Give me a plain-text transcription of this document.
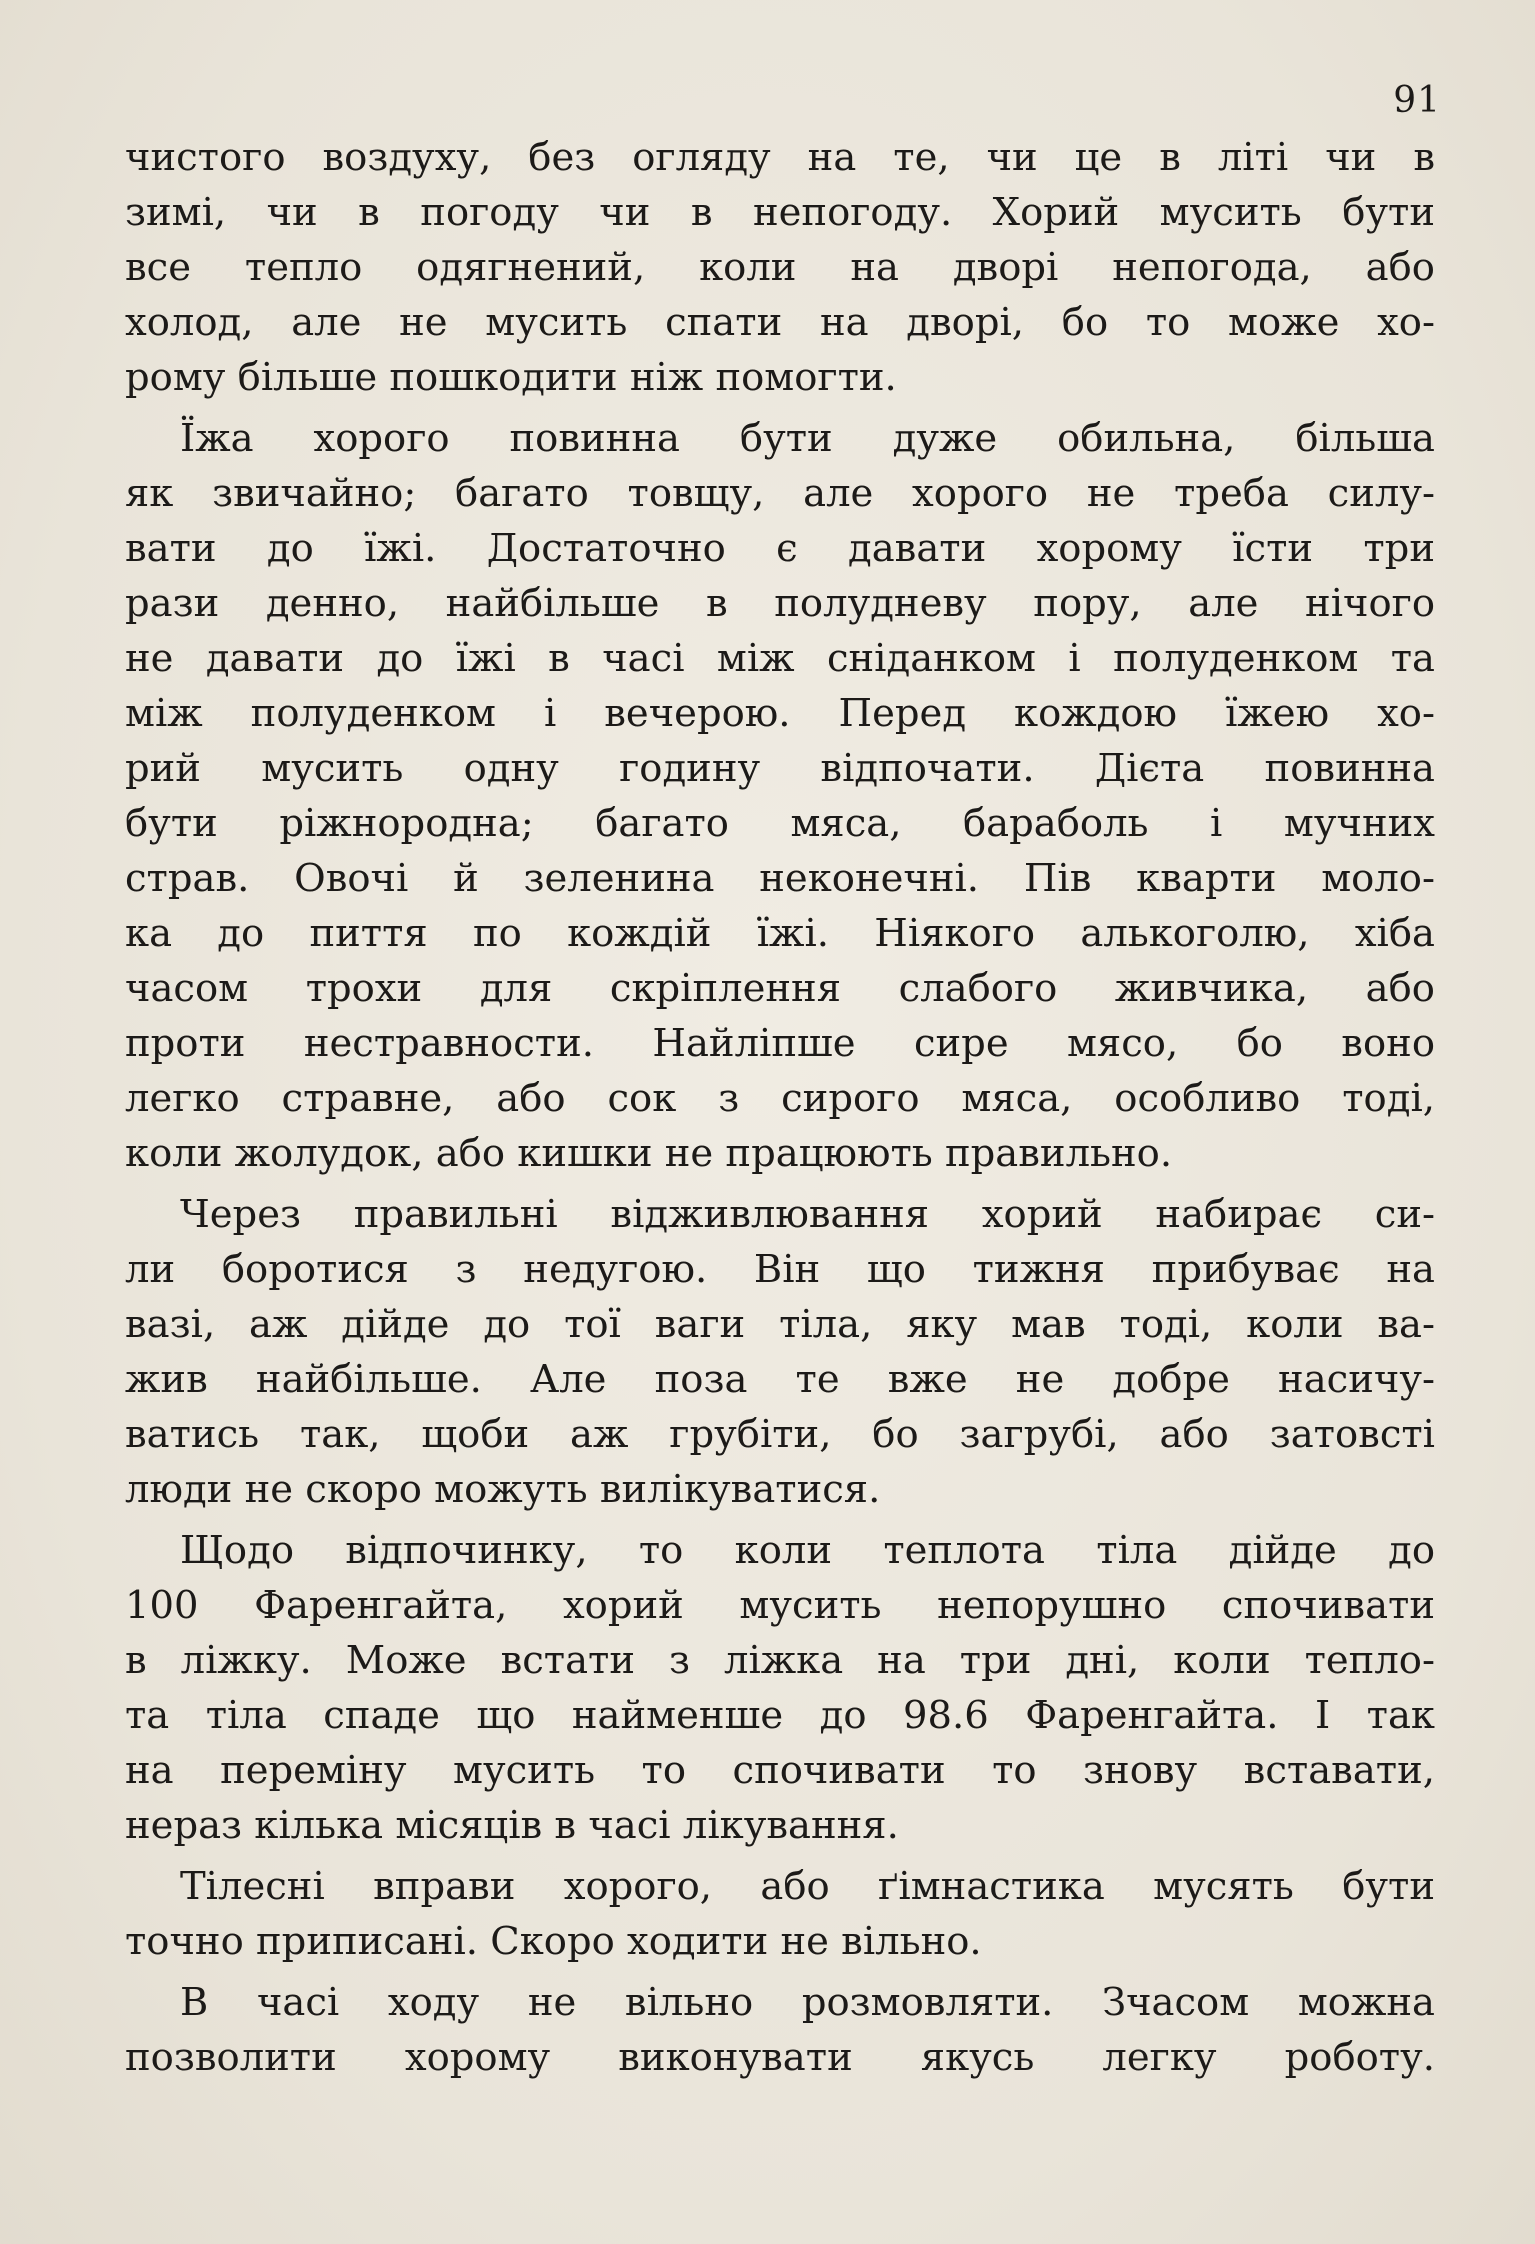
91

чистого воздуху, без огляду на те, чи це в літі чи в
зимі, чи в погоду чи в непогоду. Хорий мусить бути
все тепло одягнений, коли на дворі непогода, або
холод, але не мусить спати на дворі, бо то може хо-
рому більше пошкодити ніж помогти.

Їжа хорого повинна бути дуже обильна, більша
як звичайно; багато товщу, але хорого не треба силу-
вати до їжі. Достаточно є давати хорому їсти три
рази денно, найбільше в полудневу пору, але нічого
не давати до їжі в часі між сніданком і полуденком та
між полуденком і вечерою. Перед кождою їжею хо-
рий мусить одну годину відпочати. Дієта повинна
бути ріжнородна; багато мяса, бараболь і мучних
страв. Овочі й зеленина неконечні. Пів кварти моло-
ка до пиття по кождій їжі. Ніякого алькоголю, хіба
часом трохи для скріплення слабого живчика, або
проти нестравности. Найліпше сире мясо, бо воно
легко стравне, або сок з сирого мяса, особливо тоді,
коли жолудок, або кишки не працюють правильно.

Через правильні відживлювання хорий набирає си-
ли боротися з недугою. Він що тижня прибуває на
вазі, аж дійде до тої ваги тіла, яку мав тоді, коли ва-
жив найбільше. Але поза те вже не добре насичу-
ватись так, щоби аж грубіти, бо загрубі, або затовсті
люди не скоро можуть вилікуватися.

Щодо відпочинку, то коли теплота тіла дійде до
100 Фаренгайта, хорий мусить непорушно спочивати
в ліжку. Може встати з ліжка на три дні, коли тепло-
та тіла спаде що найменше до 98.6 Фаренгайта. І так
на переміну мусить то спочивати то знову вставати,
нераз кілька місяців в часі лікування.

Тілесні вправи хорого, або ґімнастика мусять бути
точно приписані. Скоро ходити не вільно.

В часі ходу не вільно розмовляти. Зчасом можна
позволити хорому виконувати якусь легку роботу.
